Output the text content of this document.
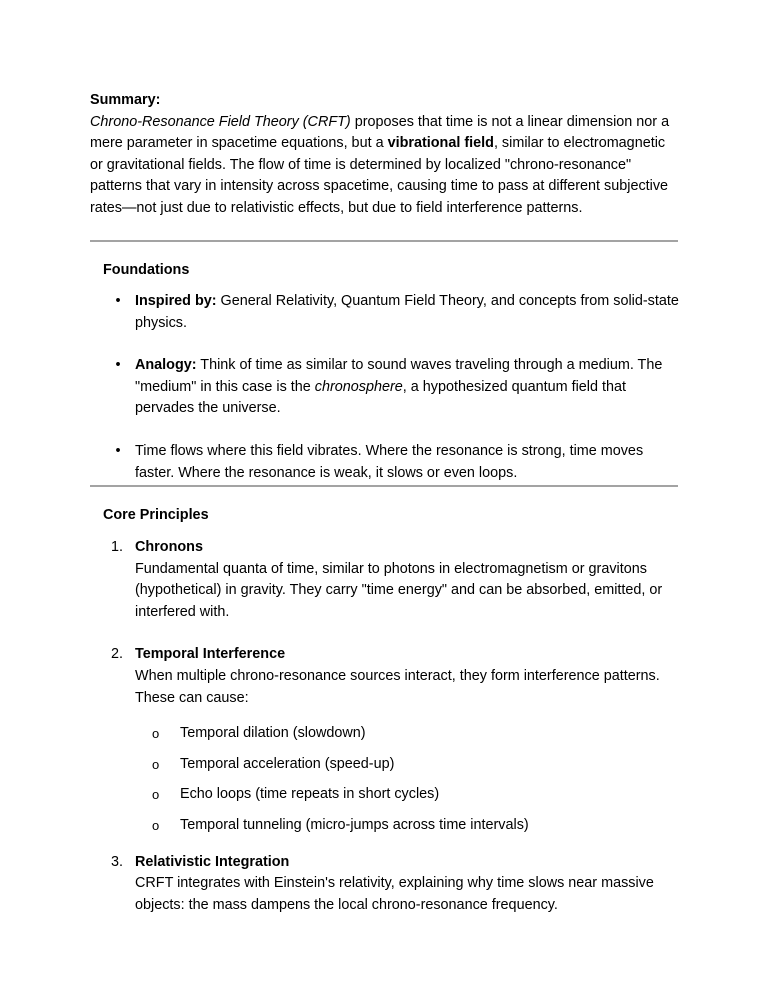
Summary:

Chrono-Resonance Field Theory (CRFT) proposes that time is not a linear dimension nor a mere parameter in spacetime equations, but a vibrational field, similar to electromagnetic or gravitational fields. The flow of time is determined by localized "chrono-resonance" patterns that vary in intensity across spacetime, causing time to pass at different subjective rates—not just due to relativistic effects, but due to field interference patterns.

Foundations
• Inspired by: General Relativity, Quantum Field Theory, and concepts from solid-state physics.
• Analogy: Think of time as similar to sound waves traveling through a medium. The "medium" in this case is the chronosphere, a hypothesized quantum field that pervades the universe.
• Time flows where this field vibrates. Where the resonance is strong, time moves faster. Where the resonance is weak, it slows or even loops.
Core Principles
1. Chronons
Fundamental quanta of time, similar to photons in electromagnetism or gravitons (hypothetical) in gravity. They carry "time energy" and can be absorbed, emitted, or interfered with.
2. Temporal Interference
When multiple chrono-resonance sources interact, they form interference patterns. These can cause:
o Temporal dilation (slowdown)
o Temporal acceleration (speed-up)
o Echo loops (time repeats in short cycles)
o Temporal tunneling (micro-jumps across time intervals)
3. Relativistic Integration
CRFT integrates with Einstein's relativity, explaining why time slows near massive objects: the mass dampens the local chrono-resonance frequency.
